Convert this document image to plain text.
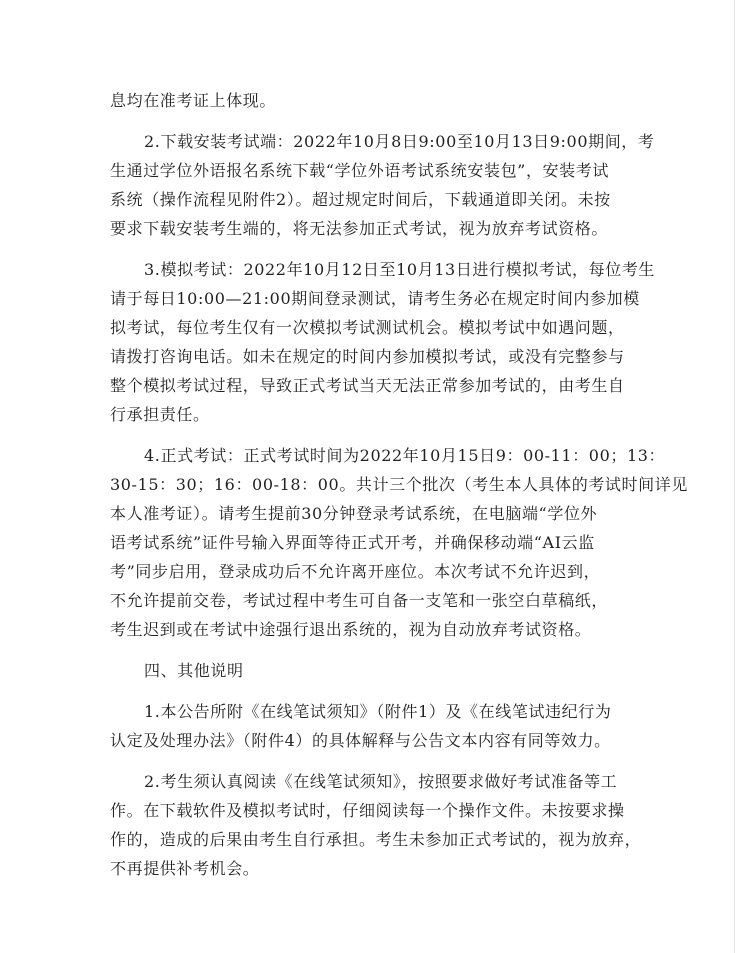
息均在准考证上体现。
2.下载安装考试端：2022年10月8日9:00至10月13日9:00期间，考
生通过学位外语报名系统下载“学位外语考试系统安装包”，安装考试
系统（操作流程见附件2）。超过规定时间后，下载通道即关闭。未按
要求下载安装考生端的，将无法参加正式考试，视为放弃考试资格。
3.模拟考试：2022年10月12日至10月13日进行模拟考试，每位考生
请于每日10:00—21:00期间登录测试，请考生务必在规定时间内参加模
拟考试，每位考生仅有一次模拟考试测试机会。模拟考试中如遇问题，
请拨打咨询电话。如未在规定的时间内参加模拟考试，或没有完整参与
整个模拟考试过程，导致正式考试当天无法正常参加考试的，由考生自
行承担责任。
4.正式考试：正式考试时间为2022年10月15日9：00-11：00；13：
30-15：30；16：00-18：00。共计三个批次（考生本人具体的考试时间详见
本人准考证）。请考生提前30分钟登录考试系统，在电脑端“学位外
语考试系统”证件号输入界面等待正式开考，并确保移动端“AI云监
考”同步启用，登录成功后不允许离开座位。本次考试不允许迟到，
不允许提前交卷，考试过程中考生可自备一支笔和一张空白草稿纸，
考生迟到或在考试中途强行退出系统的，视为自动放弃考试资格。
四、其他说明
1.本公告所附《在线笔试须知》（附件1）及《在线笔试违纪行为
认定及处理办法》（附件4）的具体解释与公告文本内容有同等效力。
2.考生须认真阅读《在线笔试须知》，按照要求做好考试准备等工
作。在下载软件及模拟考试时，仔细阅读每一个操作文件。未按要求操
作的，造成的后果由考生自行承担。考生未参加正式考试的，视为放弃，
不再提供补考机会。
